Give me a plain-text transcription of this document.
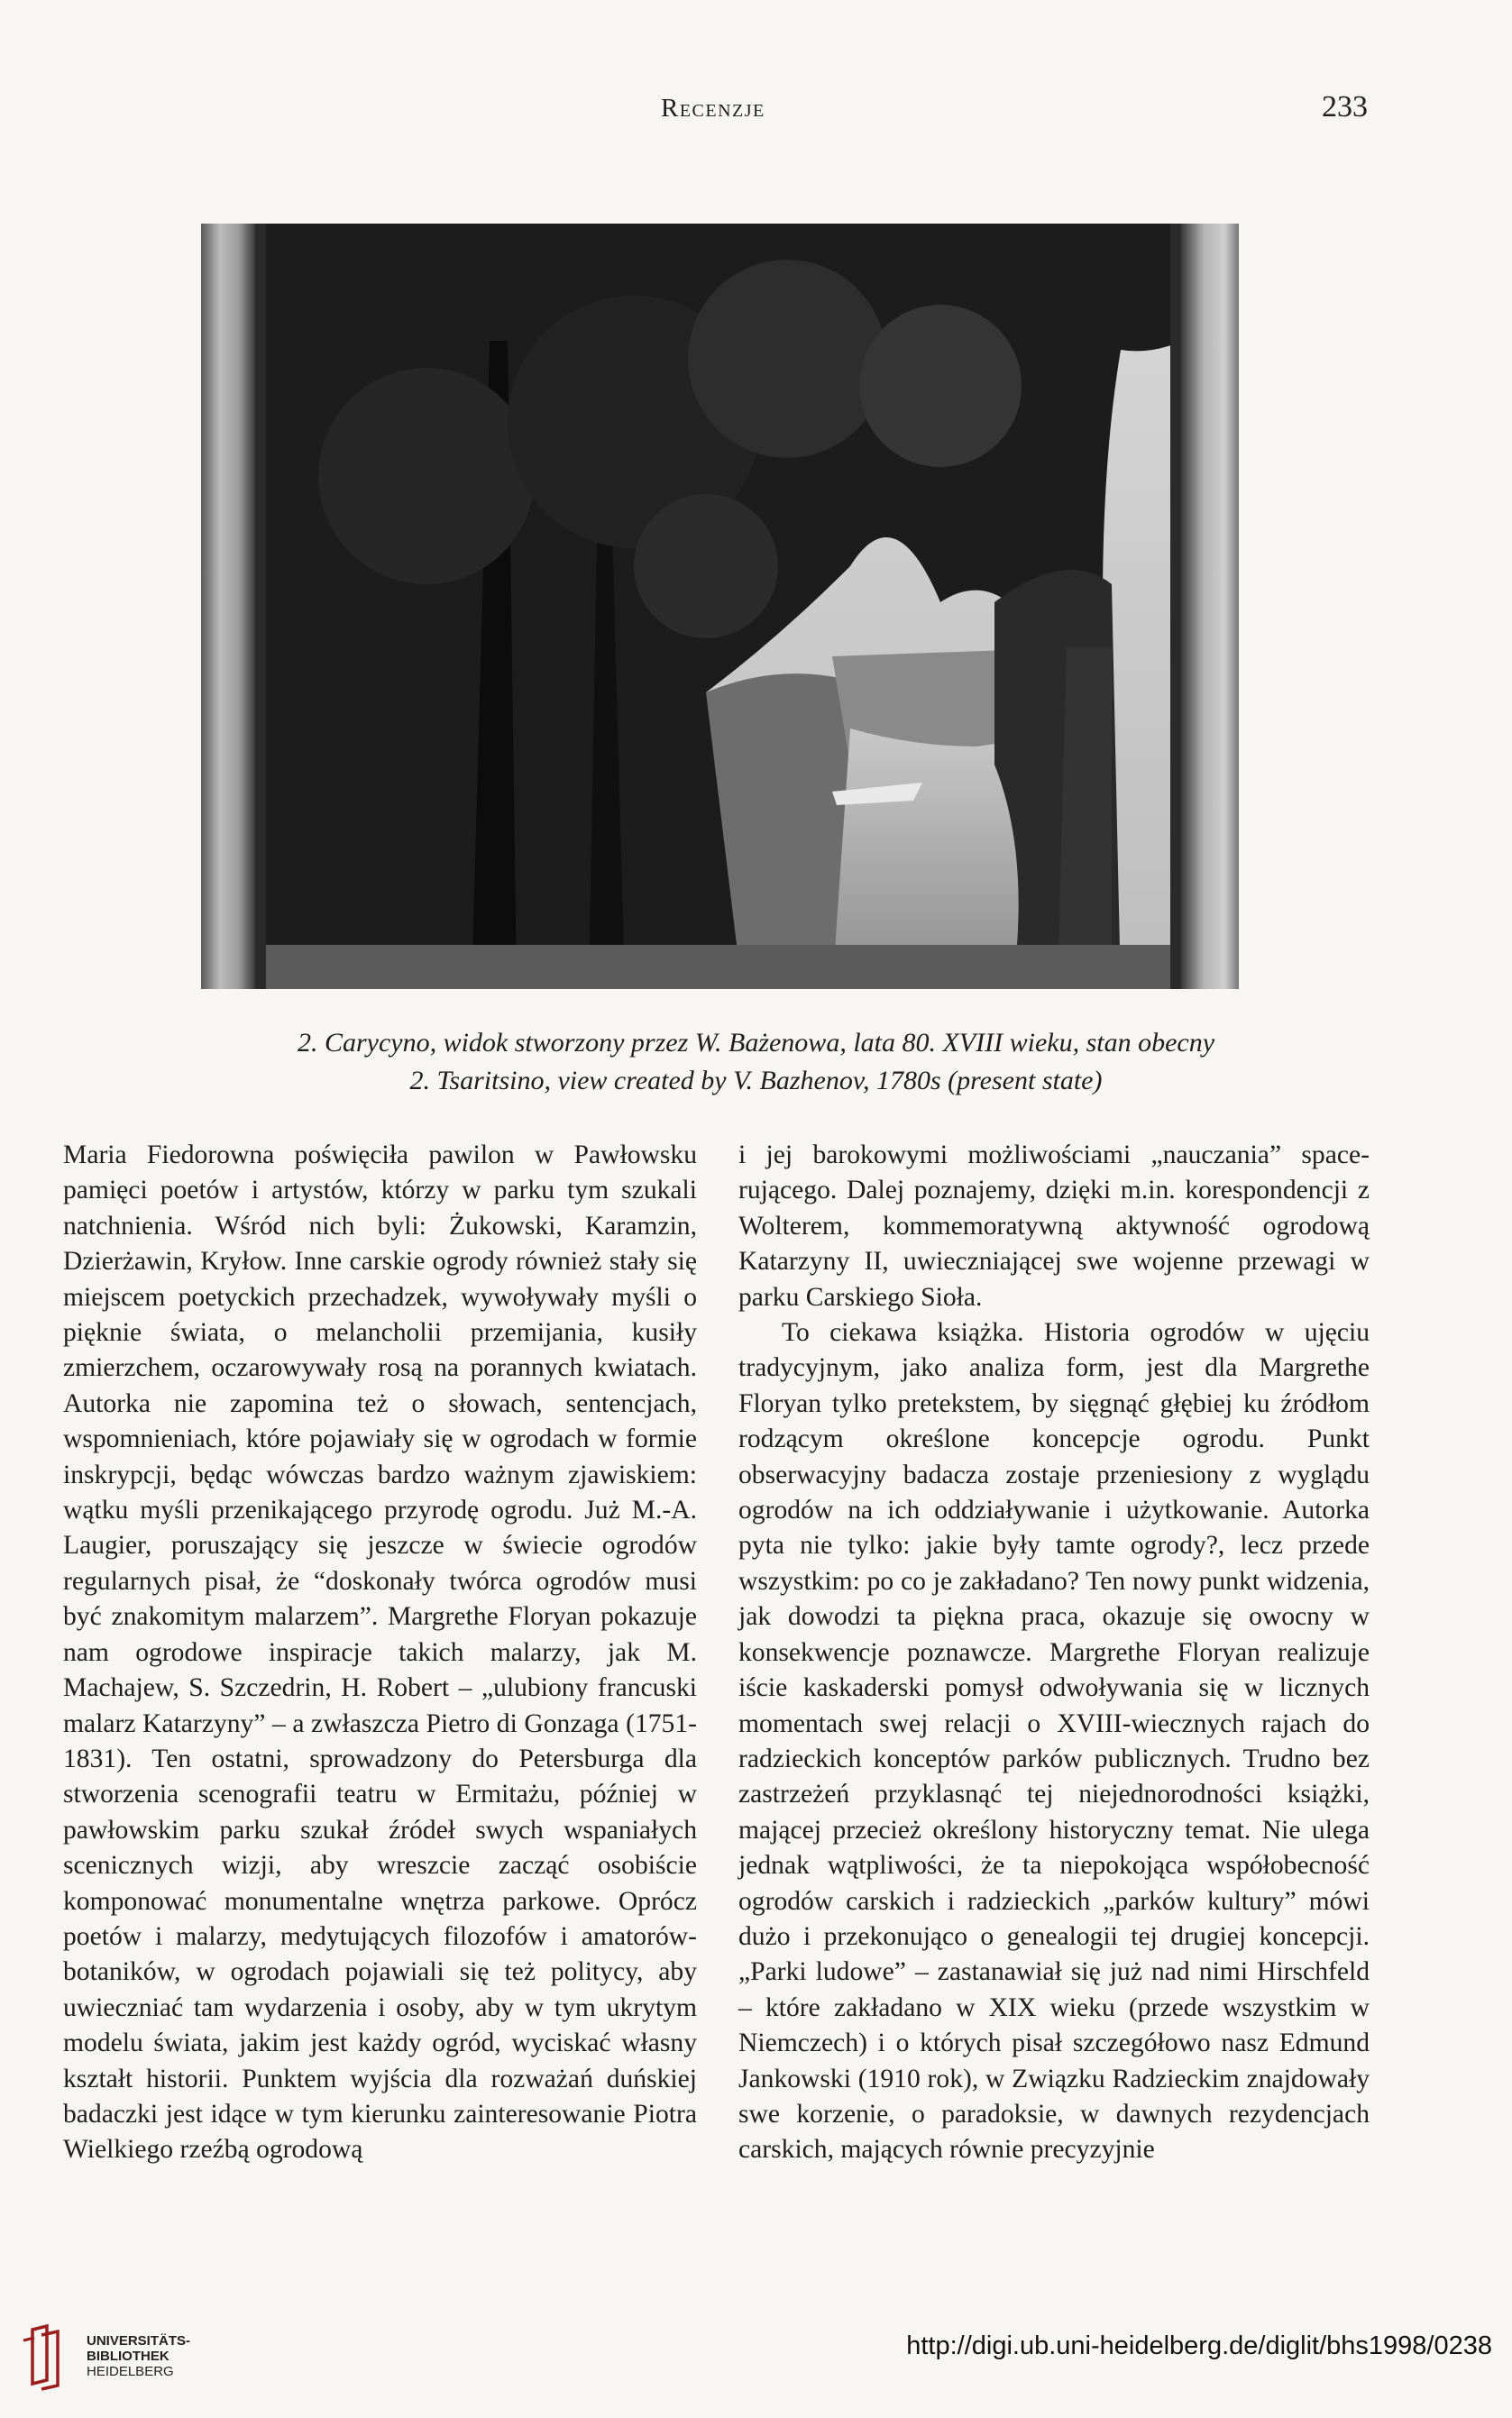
Recenzje	233
2. Carycyno, widok stworzony przez W. Bażenowa, lata 80. XVIII wieku, stan obecny
2. Tsaritsino, view created by V. Bazhenov, 1780s (present state)

Maria Fiedorowna poświęciła pawilon w Pawłowsku pamięci poetów i artystów, którzy w parku tym szukali natchnienia. Wśród nich byli: Żukowski, Karamzin, Dzierżawin, Kryłow. Inne carskie ogrody również stały się miejscem poetyckich przechadzek, wywoływały myśli o pięknie świata, o melancholii przemijania, kusiły zmierzchem, oczarowywały rosą na porannych kwiatach. Autorka nie zapomina też o słowach, sentencjach, wspomnieniach, które pojawiały się w ogrodach w formie inskrypcji, będąc wówczas bardzo ważnym zjawiskiem: wątku myśli przenikającego przyrodę ogrodu. Już M.-A. Laugier, poruszający się jeszcze w świecie ogrodów regularnych pisał, że “doskonały twórca ogrodów musi być znakomitym malarzem”. Margrethe Floryan pokazuje nam ogrodowe inspiracje takich malarzy, jak M. Machajew, S. Szczedrin, H. Robert – „ulubiony francuski malarz Katarzyny” – a zwłaszcza Pietro di Gonzaga (1751-1831). Ten ostatni, sprowadzony do Petersburga dla stworzenia scenografii teatru w Ermitażu, później w pawłowskim parku szukał źródeł swych wspaniałych scenicznych wizji, aby wreszcie zacząć osobiście komponować monumentalne wnętrza parkowe. Oprócz poetów i malarzy, medytujących filozofów i amatorów-botaników, w ogrodach pojawiali się też politycy, aby uwieczniać tam wydarzenia i osoby, aby w tym ukrytym modelu świata, jakim jest każdy ogród, wyciskać własny kształt historii. Punktem wyjścia dla rozważań duńskiej badaczki jest idące w tym kierunku zainteresowanie Piotra Wielkiego rzeźbą ogrodową

i jej barokowymi możliwościami „nauczania” spacerującego. Dalej poznajemy, dzięki m.in. korespondencji z Wolterem, kommemoratywną aktywność ogrodową Katarzyny II, uwieczniającej swe wojenne przewagi w parku Carskiego Sioła.

To ciekawa książka. Historia ogrodów w ujęciu tradycyjnym, jako analiza form, jest dla Margrethe Floryan tylko pretekstem, by sięgnąć głębiej ku źródłom rodzącym określone koncepcje ogrodu. Punkt obserwacyjny badacza zostaje przeniesiony z wyglądu ogrodów na ich oddziaływanie i użytkowanie. Autorka pyta nie tylko: jakie były tamte ogrody?, lecz przede wszystkim: po co je zakładano? Ten nowy punkt widzenia, jak dowodzi ta piękna praca, okazuje się owocny w konsekwencje poznawcze. Margrethe Floryan realizuje iście kaskaderski pomysł odwoływania się w licznych momentach swej relacji o XVIII-wiecznych rajach do radzieckich konceptów parków publicznych. Trudno bez zastrzeżeń przyklasnąć tej niejednorodności książki, mającej przecież określony historyczny temat. Nie ulega jednak wątpliwości, że ta niepokojąca współobecność ogrodów carskich i radzieckich „parków kultury” mówi dużo i przekonująco o genealogii tej drugiej koncepcji. „Parki ludowe” – zastanawiał się już nad nimi Hirschfeld – które zakładano w XIX wieku (przede wszystkim w Niemczech) i o których pisał szczegółowo nasz Edmund Jankowski (1910 rok), w Związku Radzieckim znajdowały swe korzenie, o paradoksie, w dawnych rezydencjach carskich, mających równie precyzyjnie

UNIVERSITÄTS-
BIBLIOTHEK
HEIDELBERG
http://digi.ub.uni-heidelberg.de/diglit/bhs1998/0238
